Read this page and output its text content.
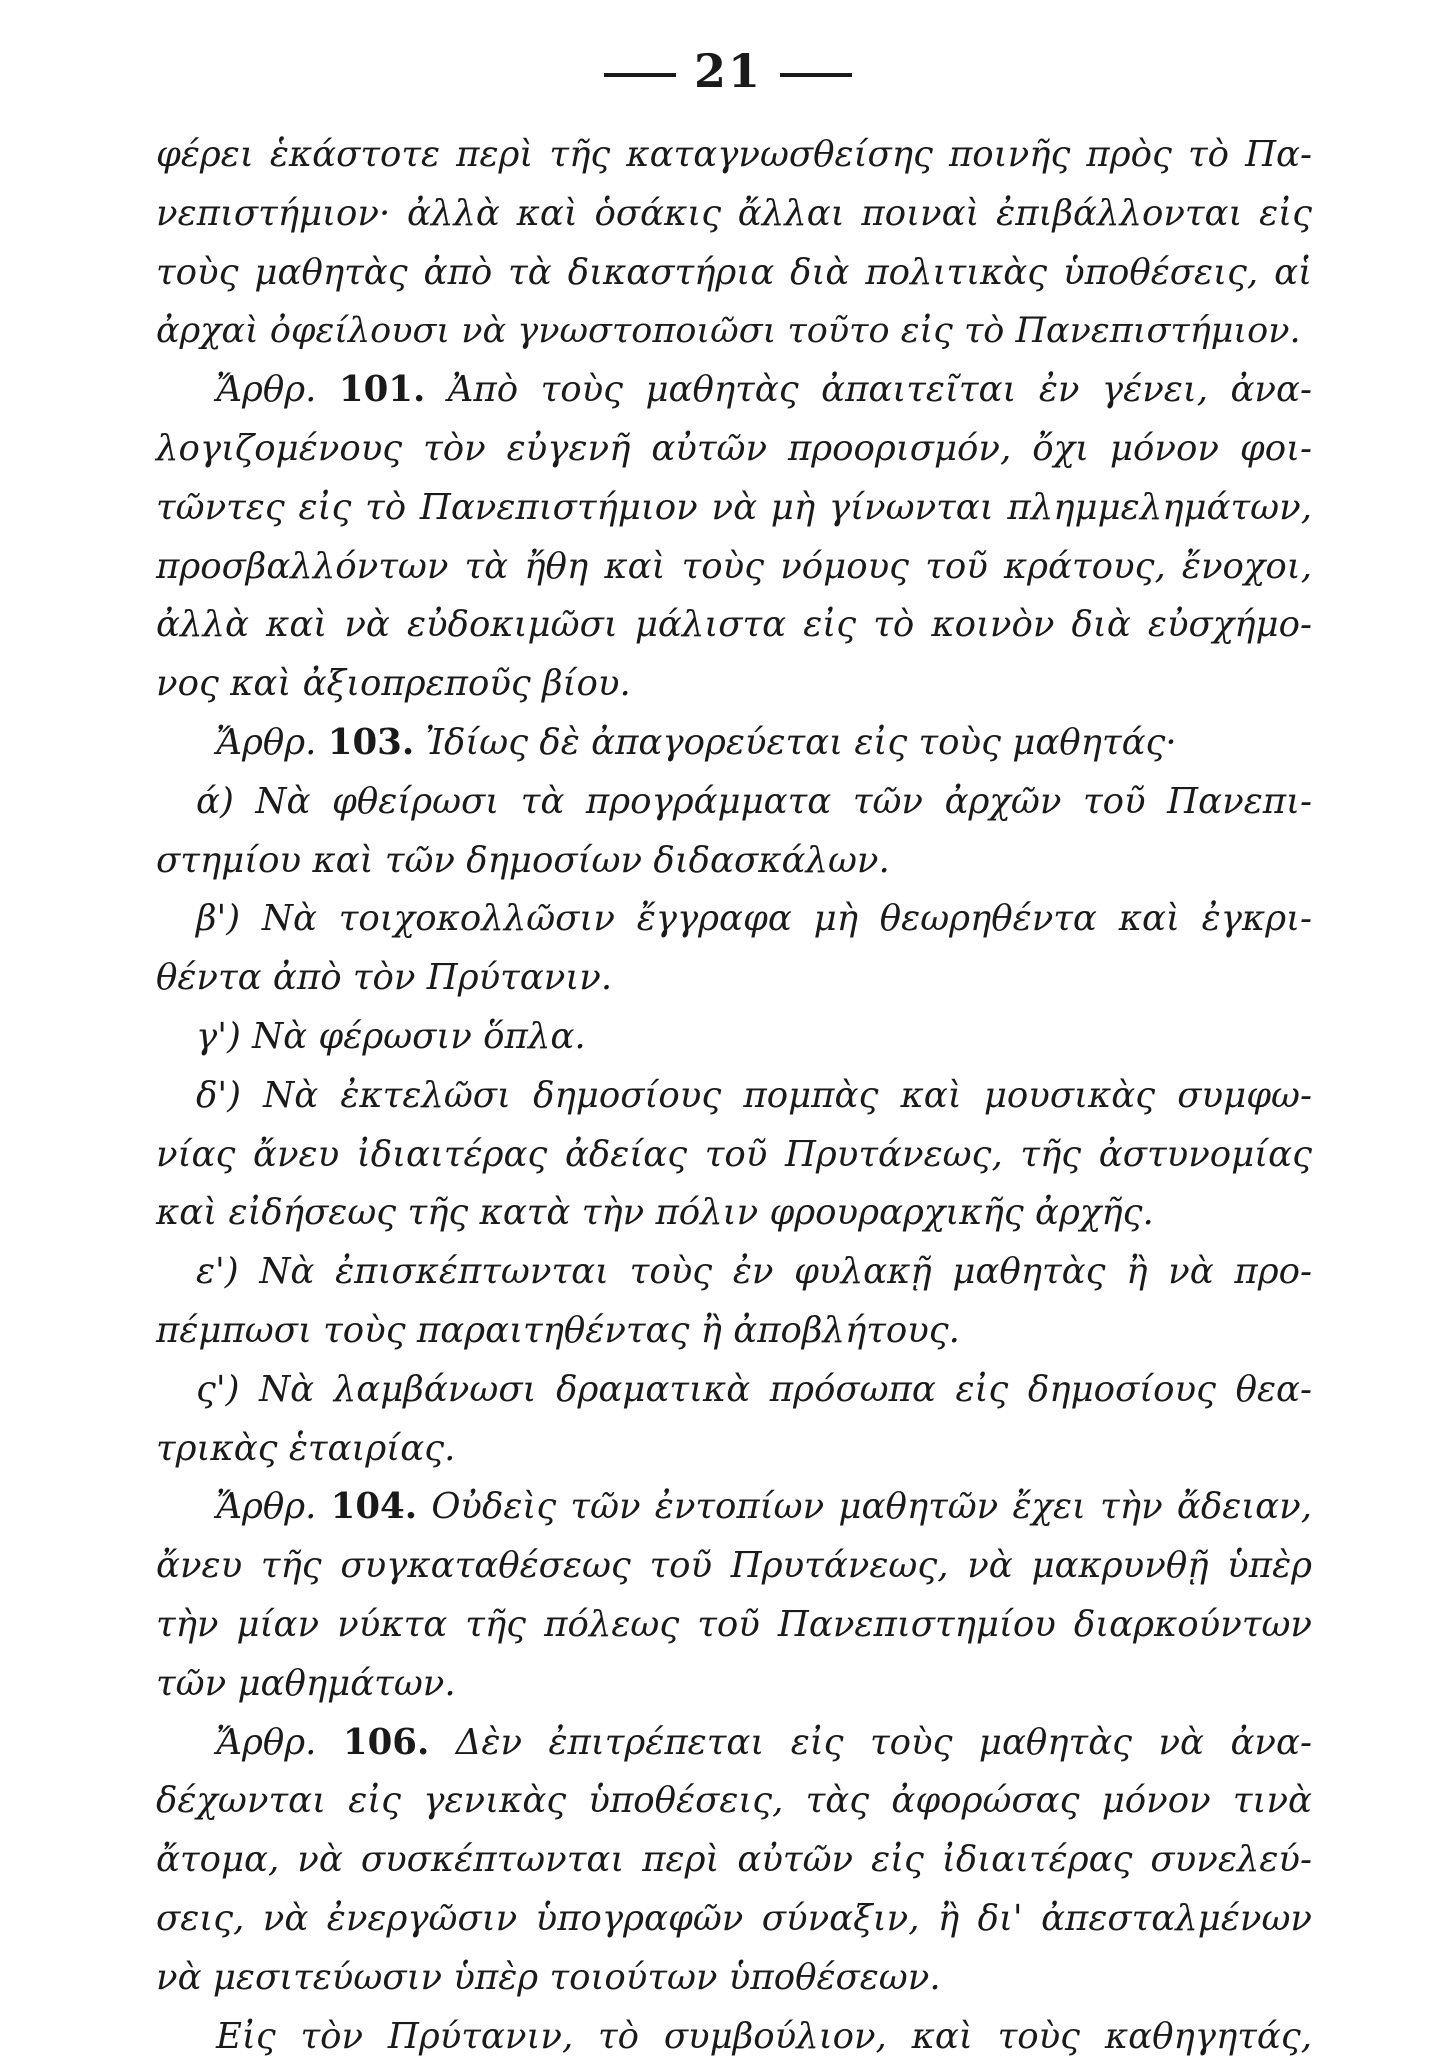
21
φέρει ἑκάστοτε περὶ τῆς καταγνωσθείσης ποινῆς πρὸς τὸ Πα-
νεπιστήμιον· ἀλλὰ καὶ ὁσάκις ἄλλαι ποιναὶ ἐπιβάλλονται εἰς
τοὺς μαθητὰς ἀπὸ τὰ δικαστήρια διὰ πολιτικὰς ὑποθέσεις, αἱ
ἀρχαὶ ὀφείλουσι νὰ γνωστοποιῶσι τοῦτο εἰς τὸ Πανεπιστήμιον.
Ἄρθρ. 101. Ἀπὸ τοὺς μαθητὰς ἀπαιτεῖται ἐν γένει, ἀνα-
λογιζομένους τὸν εὐγενῆ αὐτῶν προορισμόν, ὄχι μόνον φοι-
τῶντες εἰς τὸ Πανεπιστήμιον νὰ μὴ γίνωνται πλημμελημάτων,
προσβαλλόντων τὰ ἤθη καὶ τοὺς νόμους τοῦ κράτους, ἔνοχοι,
ἀλλὰ καὶ νὰ εὐδοκιμῶσι μάλιστα εἰς τὸ κοινὸν διὰ εὐσχήμο-
νος καὶ ἀξιοπρεποῦς βίου.
Ἄρθρ. 103. Ἰδίως δὲ ἀπαγορεύεται εἰς τοὺς μαθητάς·
ά) Νὰ φθείρωσι τὰ προγράμματα τῶν ἀρχῶν τοῦ Πανεπι-
στημίου καὶ τῶν δημοσίων διδασκάλων.
β') Νὰ τοιχοκολλῶσιν ἔγγραφα μὴ θεωρηθέντα καὶ ἐγκρι-
θέντα ἀπὸ τὸν Πρύτανιν.
γ') Νὰ φέρωσιν ὅπλα.
δ') Νὰ ἐκτελῶσι δημοσίους πομπὰς καὶ μουσικὰς συμφω-
νίας ἄνευ ἰδιαιτέρας ἀδείας τοῦ Πρυτάνεως, τῆς ἀστυνομίας
καὶ εἰδήσεως τῆς κατὰ τὴν πόλιν φρουραρχικῆς ἀρχῆς.
ε') Νὰ ἐπισκέπτωνται τοὺς ἐν φυλακῇ μαθητὰς ἢ νὰ προ-
πέμπωσι τοὺς παραιτηθέντας ἢ ἀποβλήτους.
ς') Νὰ λαμβάνωσι δραματικὰ πρόσωπα εἰς δημοσίους θεα-
τρικὰς ἑταιρίας.
Ἄρθρ. 104. Οὐδεὶς τῶν ἐντοπίων μαθητῶν ἔχει τὴν ἄδειαν,
ἄνευ τῆς συγκαταθέσεως τοῦ Πρυτάνεως, νὰ μακρυνθῇ ὑπὲρ
τὴν μίαν νύκτα τῆς πόλεως τοῦ Πανεπιστημίου διαρκούντων
τῶν μαθημάτων.
Ἄρθρ. 106. Δὲν ἐπιτρέπεται εἰς τοὺς μαθητὰς νὰ ἀνα-
δέχωνται εἰς γενικὰς ὑποθέσεις, τὰς ἀφορώσας μόνον τινὰ
ἄτομα, νὰ συσκέπτωνται περὶ αὐτῶν εἰς ἰδιαιτέρας συνελεύ-
σεις, νὰ ἐνεργῶσιν ὑπογραφῶν σύναξιν, ἢ δι' ἀπεσταλμένων
νὰ μεσιτεύωσιν ὑπὲρ τοιούτων ὑποθέσεων.
Εἰς τὸν Πρύτανιν, τὸ συμβούλιον, καὶ τοὺς καθηγητάς,
